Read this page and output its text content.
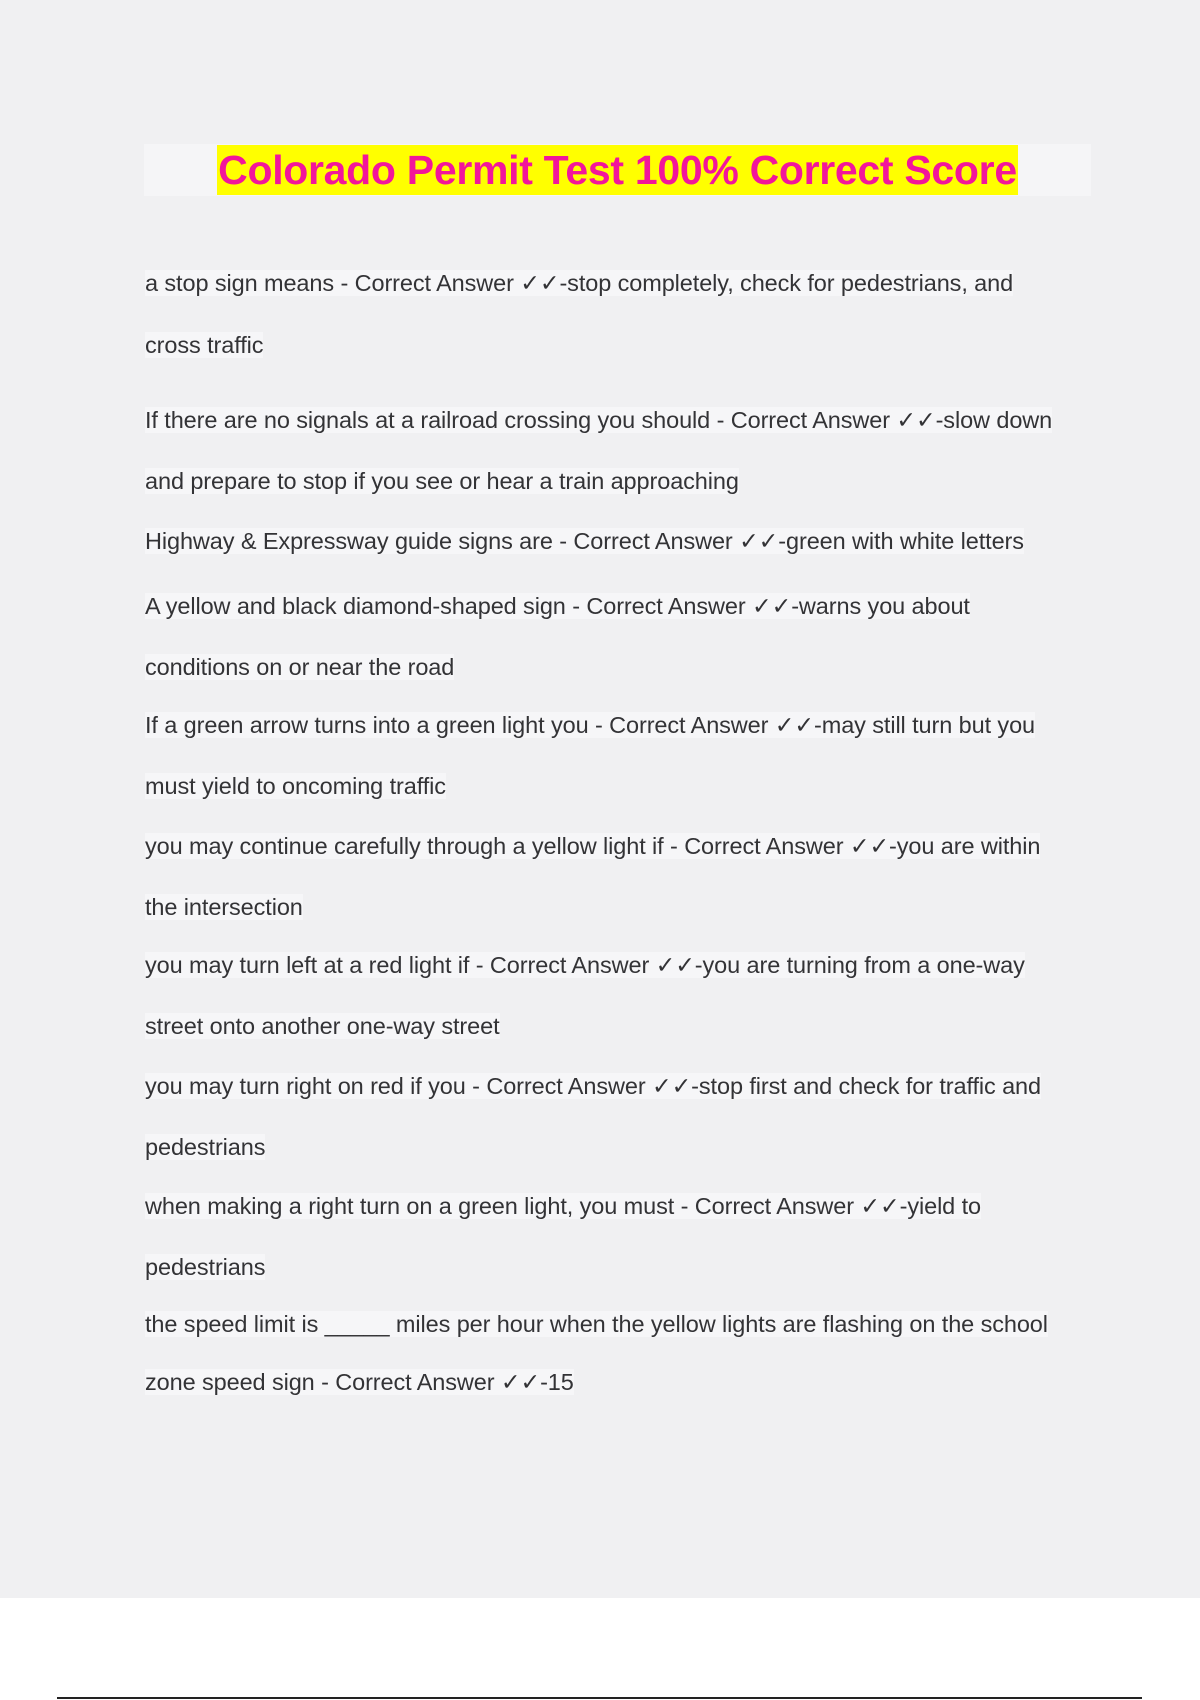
Colorado Permit Test 100% Correct Score
a stop sign means - Correct Answer ✓✓-stop completely, check for pedestrians, and
cross traffic
If there are no signals at a railroad crossing you should - Correct Answer ✓✓-slow down
and prepare to stop if you see or hear a train approaching
Highway & Expressway guide signs are - Correct Answer ✓✓-green with white letters
A yellow and black diamond-shaped sign - Correct Answer ✓✓-warns you about
conditions on or near the road
If a green arrow turns into a green light you - Correct Answer ✓✓-may still turn but you
must yield to oncoming traffic
you may continue carefully through a yellow light if - Correct Answer ✓✓-you are within
the intersection
you may turn left at a red light if - Correct Answer ✓✓-you are turning from a one-way
street onto another one-way street
you may turn right on red if you - Correct Answer ✓✓-stop first and check for traffic and
pedestrians
when making a right turn on a green light, you must - Correct Answer ✓✓-yield to
pedestrians
the speed limit is _____ miles per hour when the yellow lights are flashing on the school
zone speed sign - Correct Answer ✓✓-15
